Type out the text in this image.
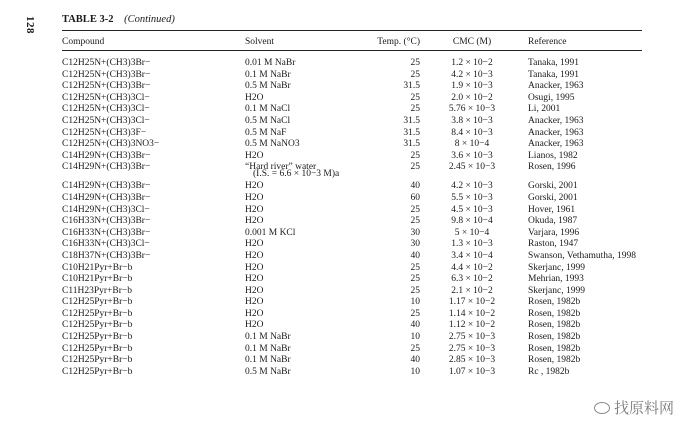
128 TABLE 3-2 (Continued)
Compound	Solvent	Temp. (°C)	CMC (M)	Reference
C12H25N+(CH3)3Br−	0.01 M NaBr	25	1.2 × 10−2	Tanaka, 1991
C12H25N+(CH3)3Br−	0.1 M NaBr	25	4.2 × 10−3	Tanaka, 1991
C12H25N+(CH3)3Br−	0.5 M NaBr	31.5	1.9 × 10−3	Anacker, 1963
C12H25N+(CH3)3Cl−	H2O	25	2.0 × 10−2	Osugi, 1995
C12H25N+(CH3)3Cl−	0.1 M NaCl	25	5.76 × 10−3	Li, 2001
C12H25N+(CH3)3Cl−	0.5 M NaCl	31.5	3.8 × 10−3	Anacker, 1963
C12H25N+(CH3)3F−	0.5 M NaF	31.5	8.4 × 10−3	Anacker, 1963
C12H25N+(CH3)3NO3−	0.5 M NaNO3	31.5	8 × 10−4	Anacker, 1963
C14H29N+(CH3)3Br−	H2O	25	3.6 × 10−3	Lianos, 1982
C14H29N+(CH3)3Br−	“Hard river” water	25	2.45 × 10−3	Rosen, 1996
(I.S. = 6.6 × 10−3 M)a
C14H29N+(CH3)3Br−	H2O	40	4.2 × 10−3	Gorski, 2001
C14H29N+(CH3)3Br−	H2O	60	5.5 × 10−3	Gorski, 2001
C14H29N+(CH3)3Cl−	H2O	25	4.5 × 10−3	Hover, 1961
C16H33N+(CH3)3Br−	H2O	25	9.8 × 10−4	Okuda, 1987
C16H33N+(CH3)3Br−	0.001 M KCl	30	5 × 10−4	Varjara, 1996
C16H33N+(CH3)3Cl−	H2O	30	1.3 × 10−3	Raston, 1947
C18H37N+(CH3)3Br−	H2O	40	3.4 × 10−4	Swanson, Vethamutha, 1998
C10H21Pyr+Br−b	H2O	25	4.4 × 10−2	Skerjanc, 1999
C10H21Pyr+Br−b	H2O	25	6.3 × 10−2	Mehrian, 1993
C11H23Pyr+Br−b	H2O	25	2.1 × 10−2	Skerjanc, 1999
C12H25Pyr+Br−b	H2O	10	1.17 × 10−2	Rosen, 1982b
C12H25Pyr+Br−b	H2O	25	1.14 × 10−2	Rosen, 1982b
C12H25Pyr+Br−b	H2O	40	1.12 × 10−2	Rosen, 1982b
C12H25Pyr+Br−b	0.1 M NaBr	10	2.75 × 10−3	Rosen, 1982b
C12H25Pyr+Br−b	0.1 M NaBr	25	2.75 × 10−3	Rosen, 1982b
C12H25Pyr+Br−b	0.1 M NaBr	40	2.85 × 10−3	Rosen, 1982b
C12H25Pyr+Br−b	0.5 M NaBr	10	1.07 × 10−3	Rc , 1982b
找原料网
